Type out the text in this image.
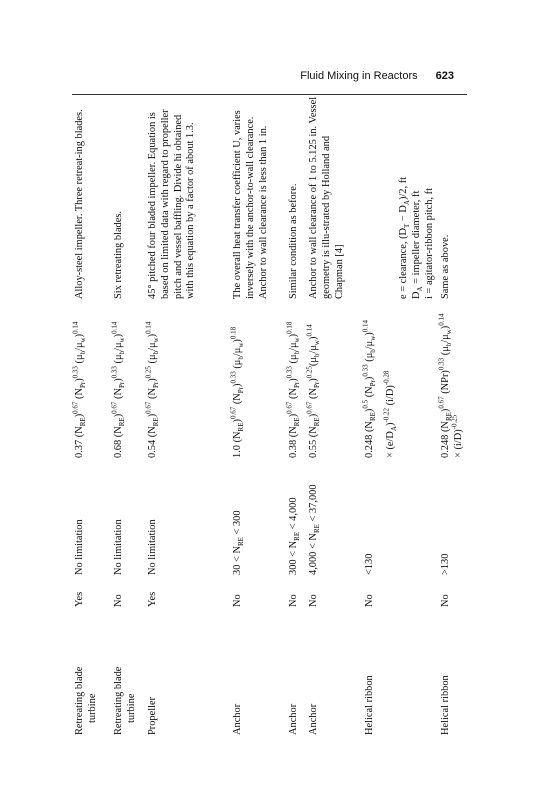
Fluid Mixing in Reactors 623
Retreating blade turbine
Yes
No limitation
0.37 $(N_{RE})^{0.67}$ $(N_{Pr})^{0.33}$ $(\mu_b/\mu_w)^{0.14}$
Alloy-steel impeller. Three retreat-ing blades.
Retreating blade turbine
No
No limitation
0.68 $(N_{RE})^{0.67}$ $(N_{Pr})^{0.33}$ $(\mu_b/\mu_w)^{0.14}$
Six retreating blades.
Propeller
Yes
No limitation
0.54 $(N_{RE})^{0.67}$ $(N_{Pr})^{0.25}$ $(\mu_b/\mu_w)^{0.14}$
45° pitched four bladed impeller. Equation is based on limited data with regard to propeller pitch and vessel baffling. Divide hi obtained with this equation by a factor of about 1.3.
Anchor
No
$30 < N_{RE} < 300$
1.0 $(N_{RE})^{0.67}$ $(N_{Pr})^{0.33}$ $(\mu_b/\mu_w)^{0.18}$
The overall heat transfer coefficient U, varies inversely with the anchor-to-wall clearance. Anchor to wall clearance is less than 1 in.
Anchor
No
$300 < N_{RE} < 4,000$
0.38 $(N_{RE})^{0.67}$ $(N_{Pr})^{0.33}$ $(\mu_b/\mu_w)^{0.18}$
Similar condition as before.
Anchor
No
$4,000 < N_{RE} < 37,000$
0.55 $(N_{RE})^{0.67}$ $(N_{Pr})^{0.25}(\mu_b/\mu_w)^{0.14}$
Anchor to wall clearance of 1 to 5.125 in. Vessel geometry is illu-strated by Holland and Chapman [4]
Helical ribbon
No
<130
0.248 $(N_{RE})^{0.5}$ $(N_{Pr})^{0.33}$ $(\mu_b/\mu_w)^{0.14}$
× $(e/D_A)^{-0.22}$ $(i/D)^{-0.28}$
e = clearance, $(D_T - D_A)/2$, ft
$D_A$ = impeller diameter, ft i = agitator-ribbon pitch, ft
Helical ribbon
No
>130
0.248 $(N_{RE})^{0.67}$ (NPr)$^{0.33}$ $(\mu_b/\mu_w)^{0.14}$
× $(i/D)^{-0.25}$
Same as above.
